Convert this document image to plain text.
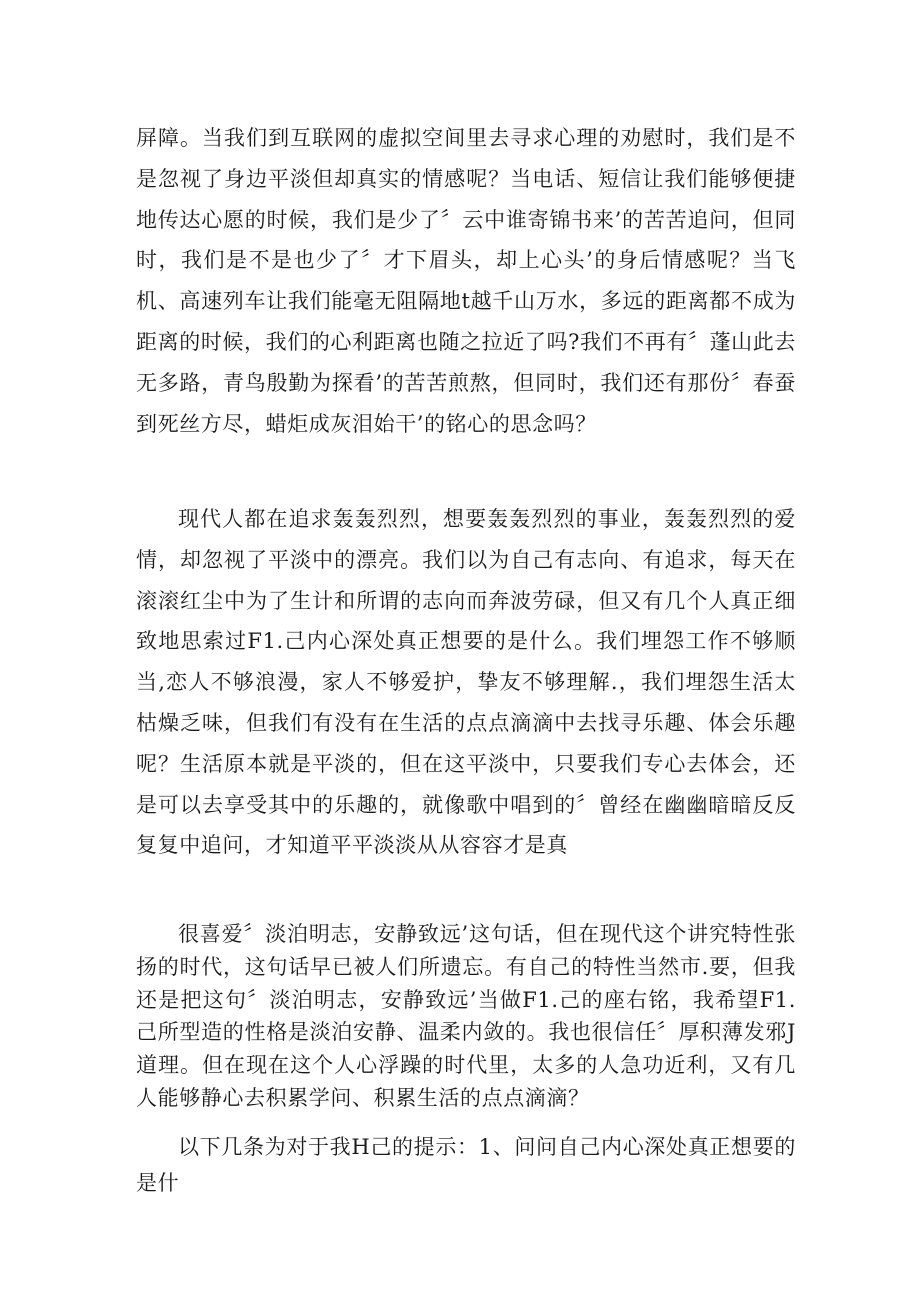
屏障。当我们到互联网的虚拟空间里去寻求心理的劝慰时，我们是不是忽视了身边平淡但却真实的情感呢？当电话、短信让我们能够便捷地传达心愿的时候，我们是少了〞云中谁寄锦书来’的苦苦追问，但同时，我们是不是也少了〞才下眉头，却上心头’的身后情感呢？当飞机、高速列车让我们能毫无阻隔地t越千山万水，多远的距离都不成为距离的时候，我们的心利距离也随之拉近了吗?我们不再有〞蓬山此去无多路，青鸟殷勤为探看’的苦苦煎熬，但同时，我们还有那份〞春蚕到死丝方尽，蜡炬成灰泪始干’的铭心的思念吗？

现代人都在追求轰轰烈烈，想要轰轰烈烈的事业，轰轰烈烈的爱情，却忽视了平淡中的漂亮。我们以为自己有志向、有追求，每天在滚滚红尘中为了生计和所谓的志向而奔波劳碌，但又有几个人真正细致地思索过F1.己内心深处真正想要的是什么。我们埋怨工作不够顺当,恋人不够浪漫，家人不够爱护，挚友不够理解.，我们埋怨生活太枯燥乏味，但我们有没有在生活的点点滴滴中去找寻乐趣、体会乐趣呢？生活原本就是平淡的，但在这平淡中，只要我们专心去体会，还是可以去享受其中的乐趣的，就像歌中唱到的〞曾经在幽幽暗暗反反复复中追问，才知道平平淡淡从从容容才是真

很喜爱〞淡泊明志，安静致远’这句话，但在现代这个讲究特性张扬的时代，这句话早已被人们所遗忘。有自己的特性当然市.要，但我还是把这句〞淡泊明志，安静致远’当做F1.己的座右铭，我希望F1.己所型造的性格是淡泊安静、温柔内敛的。我也很信任〞厚积薄发邪J道理。但在现在这个人心浮躁的时代里，太多的人急功近利，又有几人能够静心去积累学问、积累生活的点点滴滴？

以下几条为对于我H己的提示：1、问问自己内心深处真正想要的是什
